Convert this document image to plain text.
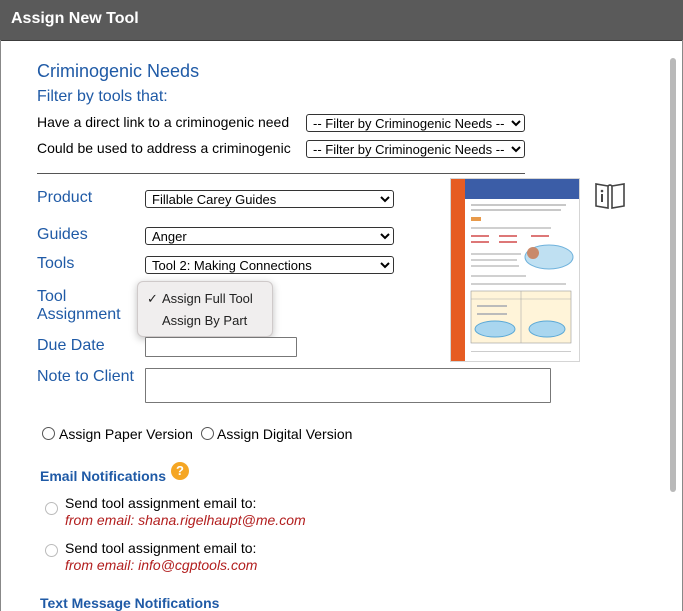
Assign New Tool
Criminogenic Needs
Filter by tools that:
Have a direct link to a criminogenic need
-- Filter by Criminogenic Needs --
Could be used to address a criminogenic
-- Filter by Criminogenic Needs --
Product
Fillable Carey Guides
Guides
Anger
Tools
Tool 2: Making Connections
Tool
Assignment
✓ Assign Full Tool
Assign By Part
Due Date
Note to Client
Assign Paper Version Assign Digital Version
Email Notifications ?
Send tool assignment email to:
from email: shana.rigelhaupt@me.com
Send tool assignment email to:
from email: info@cgptools.com
Text Message Notifications
